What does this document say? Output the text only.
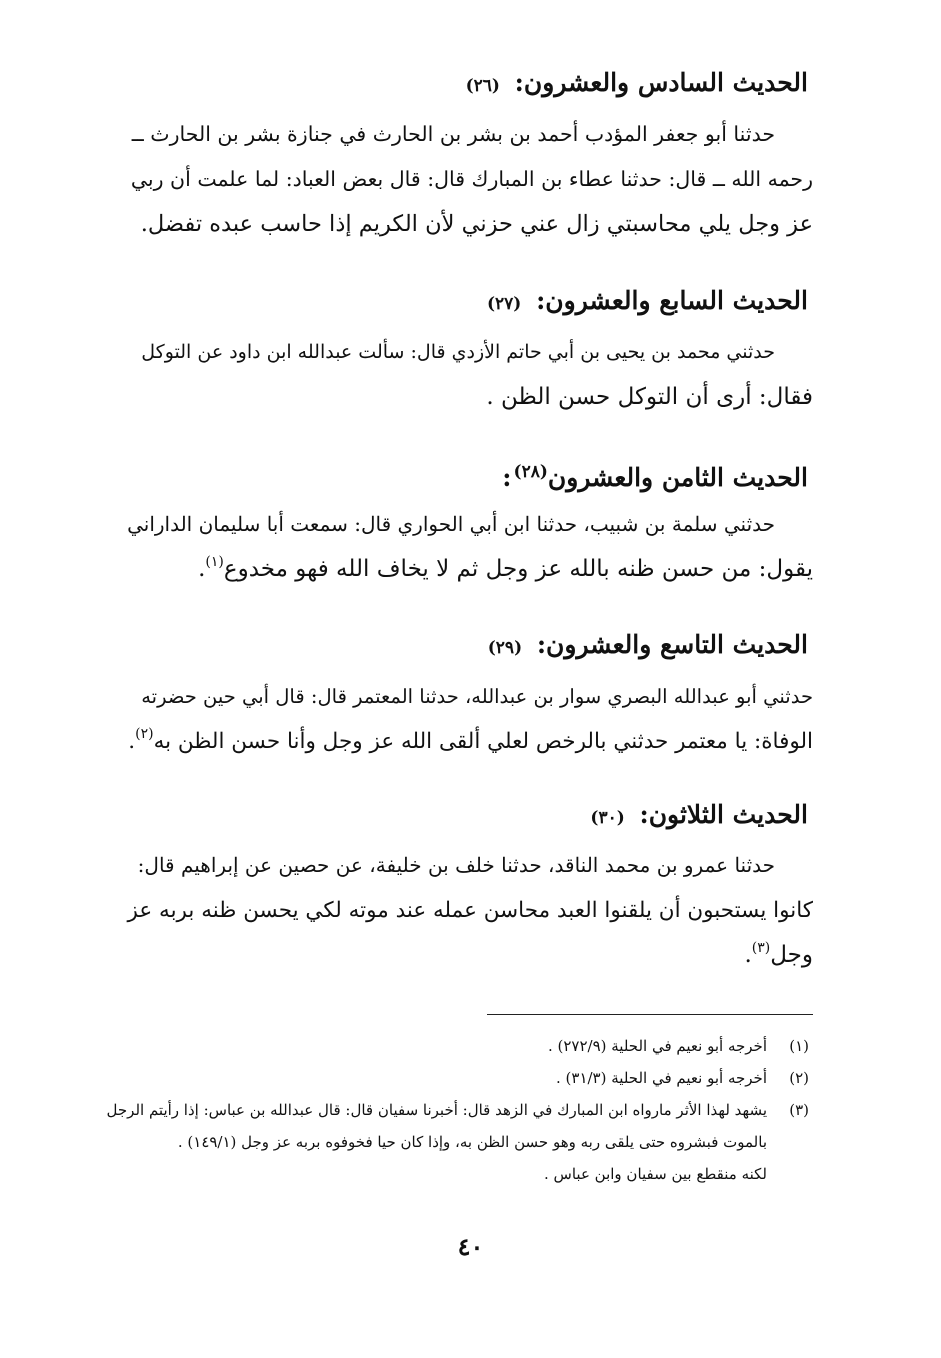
الحديث السادس والعشرون: (٢٦)
حدثنا أبو جعفر المؤدب أحمد بن بشر بن الحارث في جنازة بشر بن الحارث ــ
رحمه الله ــ قال: حدثنا عطاء بن المبارك قال: قال بعض العباد: لما علمت أن ربي
عز وجل يلي محاسبتي زال عني حزني لأن الكريم إذا حاسب عبده تفضل.
الحديث السابع والعشرون: (٢٧)
حدثني محمد بن يحيى بن أبي حاتم الأزدي قال: سألت عبدالله ابن داود عن التوكل
فقال: أرى أن التوكل حسن الظن .
الحديث الثامن والعشرون$^{(٢٨)}$:
حدثني سلمة بن شبيب، حدثنا ابن أبي الحواري قال: سمعت أبا سليمان الداراني
يقول: من حسن ظنه بالله عز وجل ثم لا يخاف الله فهو مخدوع$^{(١)}$.
الحديث التاسع والعشرون: (٢٩)
حدثني أبو عبدالله البصري سوار بن عبدالله، حدثنا المعتمر قال: قال أبي حين حضرته
الوفاة: يا معتمر حدثني بالرخص لعلي ألقى الله عز وجل وأنا حسن الظن به$^{(٢)}$.
الحديث الثلاثون: (٣٠)
حدثنا عمرو بن محمد الناقد، حدثنا خلف بن خليفة، عن حصين عن إبراهيم قال:
كانوا يستحبون أن يلقنوا العبد محاسن عمله عند موته لكي يحسن ظنه بربه عز
وجل$^{(٣)}$.
(١)
أخرجه أبو نعيم في الحلية (٢٧٢/٩) .
(٢)
أخرجه أبو نعيم في الحلية (٣١/٣) .
(٣)
يشهد لهذا الأثر مارواه ابن المبارك في الزهد قال: أخبرنا سفيان قال: قال عبدالله بن عباس: إذا رأيتم الرجل
بالموت فبشروه حتى يلقى ربه وهو حسن الظن به، وإذا كان حيا فخوفوه بربه عز وجل (١٤٩/١) .
لكنه منقطع بين سفيان وابن عباس .
٤٠
